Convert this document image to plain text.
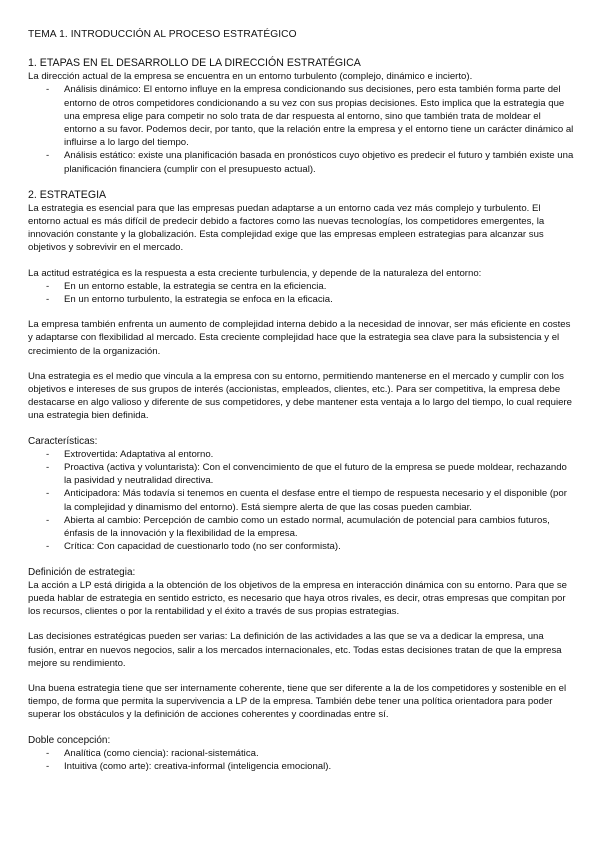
TEMA 1. INTRODUCCIÓN AL PROCESO ESTRATÉGICO
1. ETAPAS EN EL DESARROLLO DE LA DIRECCIÓN ESTRATÉGICA

La dirección actual de la empresa se encuentra en un entorno turbulento (complejo, dinámico e incierto).

- Análisis dinámico: El entorno influye en la empresa condicionando sus decisiones, pero esta también forma parte del entorno de otros competidores condicionando a su vez con sus propias decisiones. Esto implica que la estrategia que una empresa elige para competir no solo trata de dar respuesta al entorno, sino que también trata de moldear el entorno a su favor. Podemos decir, por tanto, que la relación entre la empresa y el entorno tiene un carácter dinámico al influirse a lo largo del tiempo.
- Análisis estático: existe una planificación basada en pronósticos cuyo objetivo es predecir el futuro y también existe una planificación financiera (cumplir con el presupuesto actual).
2. ESTRATEGIA

La estrategia es esencial para que las empresas puedan adaptarse a un entorno cada vez más complejo y turbulento. El entorno actual es más difícil de predecir debido a factores como las nuevas tecnologías, los competidores emergentes, la innovación constante y la globalización. Esta complejidad exige que las empresas empleen estrategias para alcanzar sus objetivos y sobrevivir en el mercado.

La actitud estratégica es la respuesta a esta creciente turbulencia, y depende de la naturaleza del entorno:

- En un entorno estable, la estrategia se centra en la eficiencia.
- En un entorno turbulento, la estrategia se enfoca en la eficacia.

La empresa también enfrenta un aumento de complejidad interna debido a la necesidad de innovar, ser más eficiente en costes y adaptarse con flexibilidad al mercado. Esta creciente complejidad hace que la estrategia sea clave para la subsistencia y el crecimiento de la organización.

Una estrategia es el medio que vincula a la empresa con su entorno, permitiendo mantenerse en el mercado y cumplir con los objetivos e intereses de sus grupos de interés (accionistas, empleados, clientes, etc.). Para ser competitiva, la empresa debe destacarse en algo valioso y diferente de sus competidores, y debe mantener esta ventaja a lo largo del tiempo, lo cual requiere una estrategia bien definida.

Características:

- Extrovertida: Adaptativa al entorno.
- Proactiva (activa y voluntarista): Con el convencimiento de que el futuro de la empresa se puede moldear, rechazando la pasividad y neutralidad directiva.
- Anticipadora: Más todavía si tenemos en cuenta el desfase entre el tiempo de respuesta necesario y el disponible (por la complejidad y dinamismo del entorno). Está siempre alerta de que las cosas pueden cambiar.
- Abierta al cambio: Percepción de cambio como un estado normal, acumulación de potencial para cambios futuros, énfasis de la innovación y la flexibilidad de la empresa.
- Crítica: Con capacidad de cuestionarlo todo (no ser conformista).

Definición de estrategia:

La acción a LP está dirigida a la obtención de los objetivos de la empresa en interacción dinámica con su entorno. Para que se pueda hablar de estrategia en sentido estricto, es necesario que haya otros rivales, es decir, otras empresas que compitan por los recursos, clientes o por la rentabilidad y el éxito a través de sus propias estrategias.

Las decisiones estratégicas pueden ser varias: La definición de las actividades a las que se va a dedicar la empresa, una fusión, entrar en nuevos negocios, salir a los mercados internacionales, etc. Todas estas decisiones tratan de que la empresa mejore su rendimiento.

Una buena estrategia tiene que ser internamente coherente, tiene que ser diferente a la de los competidores y sostenible en el tiempo, de forma que permita la supervivencia a LP de la empresa. También debe tener una política orientadora para poder superar los obstáculos y la definición de acciones coherentes y coordinadas entre sí.

Doble concepción:

- Analítica (como ciencia): racional-sistemática.
- Intuitiva (como arte): creativa-informal (inteligencia emocional).
